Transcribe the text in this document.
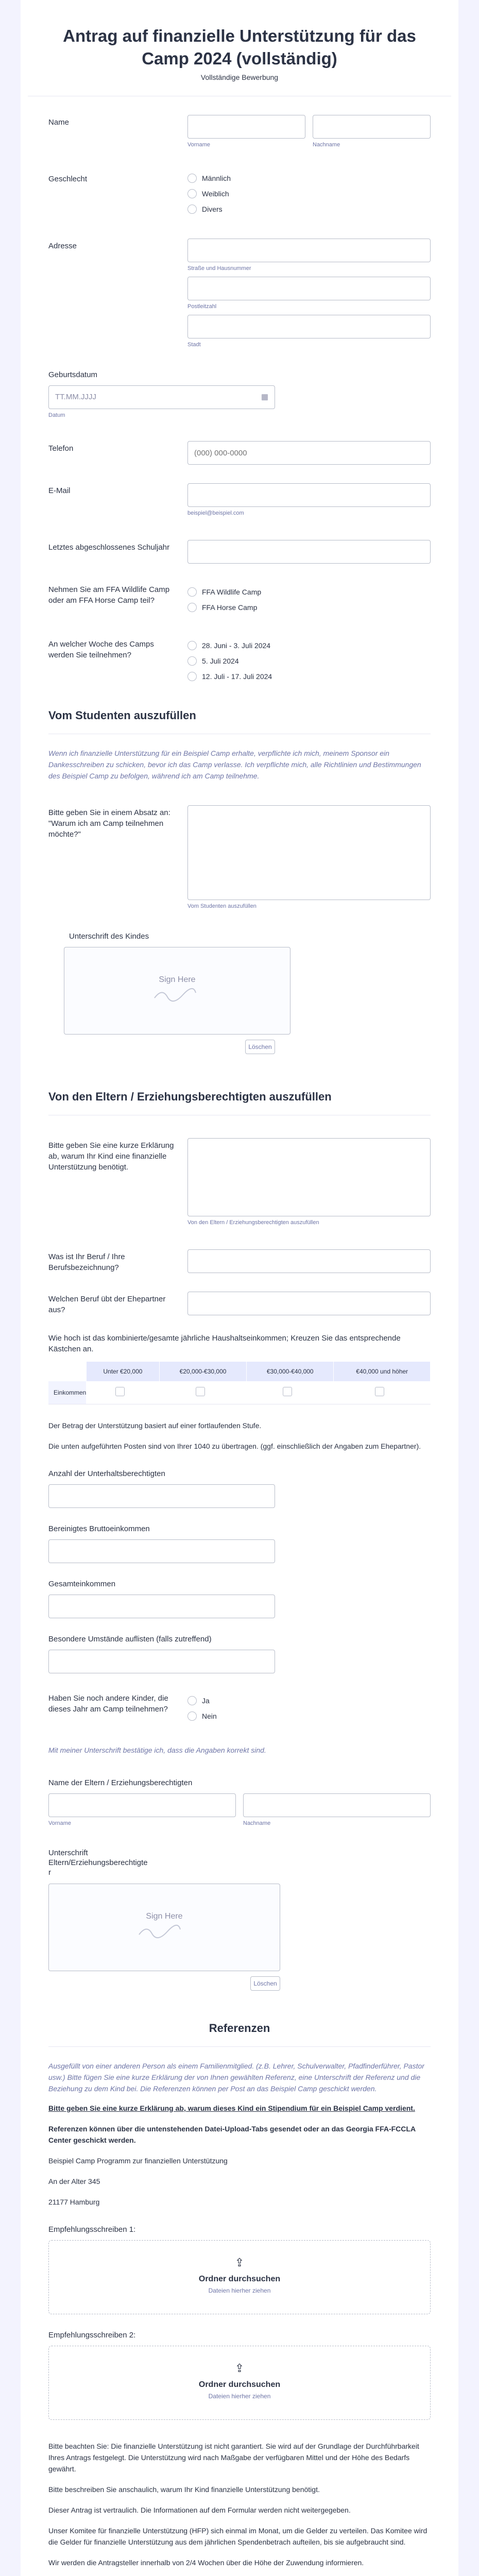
Antrag auf finanzielle Unterstützung für das Camp 2024 (vollständig)
Vollständige Bewerbung
Name
Vorname	Nachname
Geschlecht	Männlich
Weiblich
Divers
Adresse
Straße und Hausnummer
Postleitzahl
Stadt
Geburtsdatum
TT.MM.JJJJ	▦
Datum
Telefon
(000) 000-0000
E-Mail
beispiel@beispiel.com
Letztes abgeschlossenes Schuljahr
Nehmen Sie am FFA Wildlife Camp oder am FFA Horse Camp teil?
FFA Wildlife Camp
FFA Horse Camp
An welcher Woche des Camps werden Sie teilnehmen?
28. Juni - 3. Juli 2024
5. Juli 2024
12. Juli - 17. Juli 2024
Vom Studenten auszufüllen
Wenn ich finanzielle Unterstützung für ein Beispiel Camp erhalte, verpflichte ich mich, meinem Sponsor ein Dankesschreiben zu schicken, bevor ich das Camp verlasse. Ich verpflichte mich, alle Richtlinien und Bestimmungen des Beispiel Camp zu befolgen, während ich am Camp teilnehme.
Bitte geben Sie in einem Absatz an: "Warum ich am Camp teilnehmen möchte?"
Vom Studenten auszufüllen
Unterschrift des Kindes
Sign Here
Löschen
Von den Eltern / Erziehungsberechtigten auszufüllen
Bitte geben Sie eine kurze Erklärung ab, warum Ihr Kind eine finanzielle Unterstützung benötigt.
Von den Eltern / Erziehungsberechtigten auszufüllen
Was ist Ihr Beruf / Ihre Berufsbezeichnung?
Welchen Beruf übt der Ehepartner aus?
Wie hoch ist das kombinierte/gesamte jährliche Haushaltseinkommen; Kreuzen Sie das entsprechende Kästchen an.
	Unter €20,000	€20,000-€30,000	€30,000-€40,000	€40,000 und höher
Einkommen				
Der Betrag der Unterstützung basiert auf einer fortlaufenden Stufe.
Die unten aufgeführten Posten sind von Ihrer 1040 zu übertragen. (ggf. einschließlich der Angaben zum Ehepartner).
Anzahl der Unterhaltsberechtigten
Bereinigtes Bruttoeinkommen
Gesamteinkommen
Besondere Umstände auflisten (falls zutreffend)
Haben Sie noch andere Kinder, die dieses Jahr am Camp teilnehmen?
Ja
Nein
Mit meiner Unterschrift bestätige ich, dass die Angaben korrekt sind.
Name der Eltern / Erziehungsberechtigten
Vorname	Nachname
Unterschrift Eltern/Erziehungsberechtigte r
Sign Here
Löschen
Referenzen
Ausgefüllt von einer anderen Person als einem Familienmitglied. (z.B. Lehrer, Schulverwalter, Pfadfinderführer, Pastor usw.) Bitte fügen Sie eine kurze Erklärung der von Ihnen gewählten Referenz, eine Unterschrift der Referenz und die Beziehung zu dem Kind bei. Die Referenzen können per Post an das Beispiel Camp geschickt werden.
Bitte geben Sie eine kurze Erklärung ab, warum dieses Kind ein Stipendium für ein Beispiel Camp verdient.
Referenzen können über die untenstehenden Datei-Upload-Tabs gesendet oder an das Georgia FFA-FCCLA Center geschickt werden.
Beispiel Camp Programm zur finanziellen Unterstützung
An der Alter 345
21177 Hamburg
Empfehlungsschreiben 1:
⇪
Ordner durchsuchen
Dateien hierher ziehen
Empfehlungsschreiben 2:
⇪
Ordner durchsuchen
Dateien hierher ziehen
Bitte beachten Sie: Die finanzielle Unterstützung ist nicht garantiert. Sie wird auf der Grundlage der Durchführbarkeit Ihres Antrags festgelegt. Die Unterstützung wird nach Maßgabe der verfügbaren Mittel und der Höhe des Bedarfs gewährt.
Bitte beschreiben Sie anschaulich, warum Ihr Kind finanzielle Unterstützung benötigt.
Dieser Antrag ist vertraulich. Die Informationen auf dem Formular werden nicht weitergegeben.
Unser Komitee für finanzielle Unterstützung (HFP) sich einmal im Monat, um die Gelder zu verteilen. Das Komitee wird die Gelder für finanzielle Unterstützung aus dem jährlichen Spendenbetrach aufteilen, bis sie aufgebraucht sind.
Wir werden die Antragsteller innerhalb von 2/4 Wochen über die Höhe der Zuwendung informieren.
